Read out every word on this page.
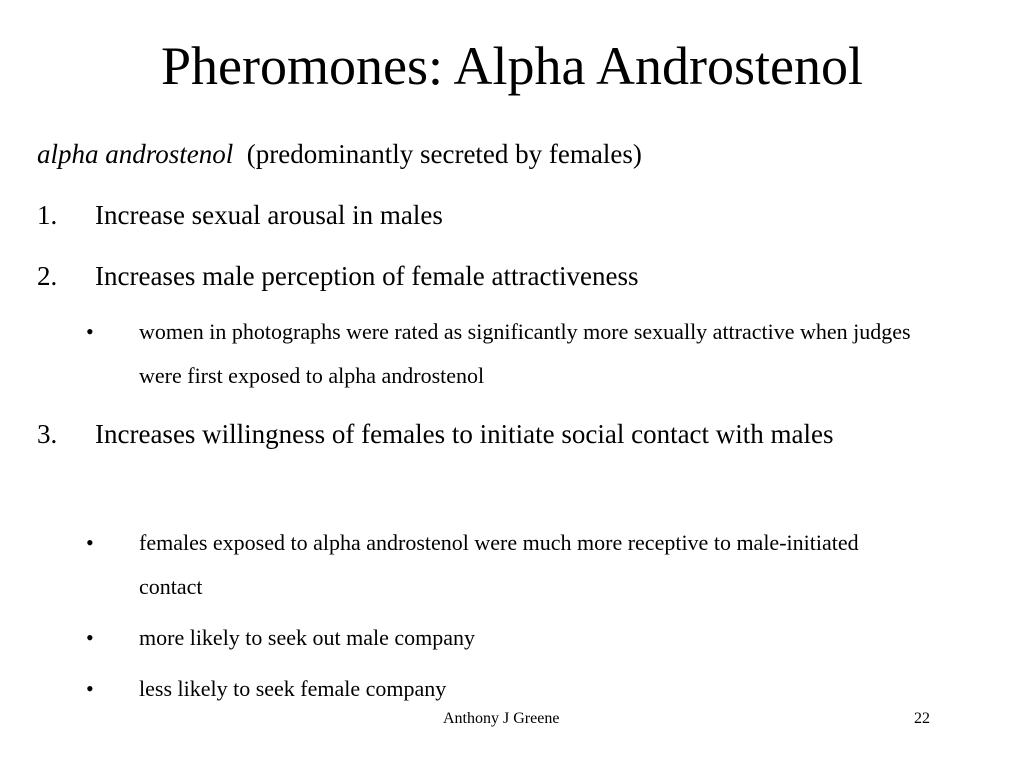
Pheromones: Alpha Androstenol
alpha androstenol (predominantly secreted by females)
1. Increase sexual arousal in males
2. Increases male perception of female attractiveness
• women in photographs were rated as significantly more sexually attractive when judges were first exposed to alpha androstenol
3. Increases willingness of females to initiate social contact with males
• females exposed to alpha androstenol were much more receptive to male-initiated contact
• more likely to seek out male company
• less likely to seek female company
Anthony J Greene	22
